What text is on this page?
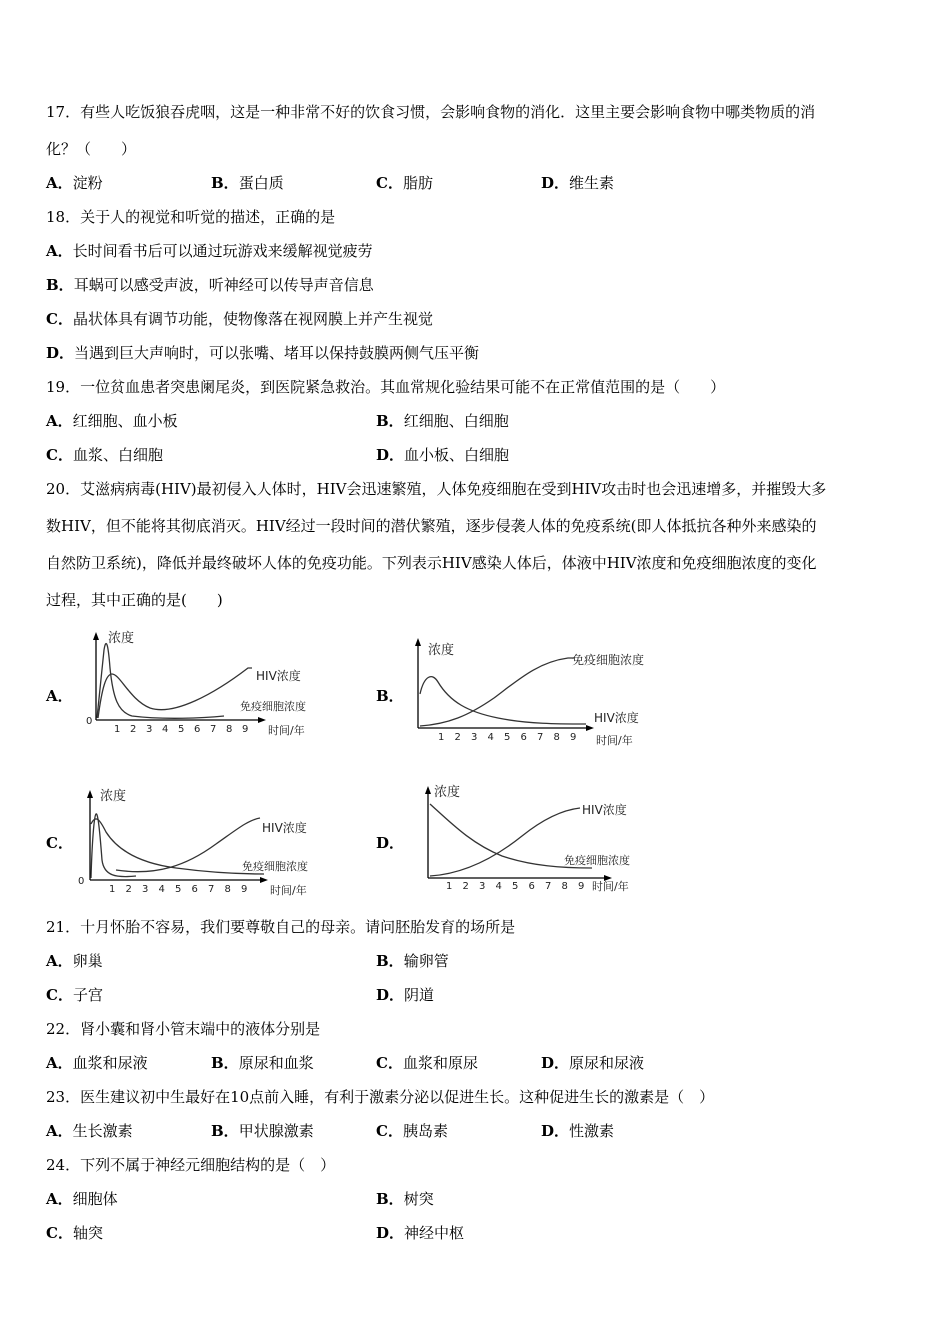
17．有些人吃饭狼吞虎咽，这是一种非常不好的饮食习惯，会影响食物的消化．这里主要会影响食物中哪类物质的消
化？（　　）
A．淀粉	B．蛋白质	C．脂肪	D．维生素
18．关于人的视觉和听觉的描述，正确的是
A．长时间看书后可以通过玩游戏来缓解视觉疲劳
B．耳蜗可以感受声波，听神经可以传导声音信息
C．晶状体具有调节功能，使物像落在视网膜上并产生视觉
D．当遇到巨大声响时，可以张嘴、堵耳以保持鼓膜两侧气压平衡
19．一位贫血患者突患阑尾炎，到医院紧急救治。其血常规化验结果可能不在正常值范围的是（　　）
A．红细胞、血小板	B．红细胞、白细胞
C．血浆、白细胞	D．血小板、白细胞
20．艾滋病病毒(HIV)最初侵入人体时，HIV会迅速繁殖，人体免疫细胞在受到HIV攻击时也会迅速增多，并摧毁大多
数HIV，但不能将其彻底消灭。HIV经过一段时间的潜伏繁殖，逐步侵袭人体的免疫系统(即人体抵抗各种外来感染的
自然防卫系统)，降低并最终破坏人体的免疫功能。下列表示HIV感染人体后，体液中HIV浓度和免疫细胞浓度的变化
过程，其中正确的是(　　)
A．	B．
C．	D．
浓度
0
1 2 3 4 5 6 7 8 9 时间/年
HIV浓度
免疫细胞浓度
浓度
1 2 3 4 5 6 7 8 9 时间/年
免疫细胞浓度
HIV浓度
浓度
0
1 2 3 4 5 6 7 8 9 时间/年
HIV浓度
免疫细胞浓度
浓度
1 2 3 4 5 6 7 8 9 时间/年
HIV浓度
免疫细胞浓度
21．十月怀胎不容易，我们要尊敬自己的母亲。请问胚胎发育的场所是
A．卵巢	B．输卵管
C．子宫	D．阴道
22．肾小囊和肾小管末端中的液体分别是
A．血浆和尿液	B．原尿和血浆	C．血浆和原尿	D．原尿和尿液
23．医生建议初中生最好在10点前入睡，有利于激素分泌以促进生长。这种促进生长的激素是（　）
A．生长激素	B．甲状腺激素	C．胰岛素	D．性激素
24．下列不属于神经元细胞结构的是（　）
A．细胞体	B．树突
C．轴突	D．神经中枢
